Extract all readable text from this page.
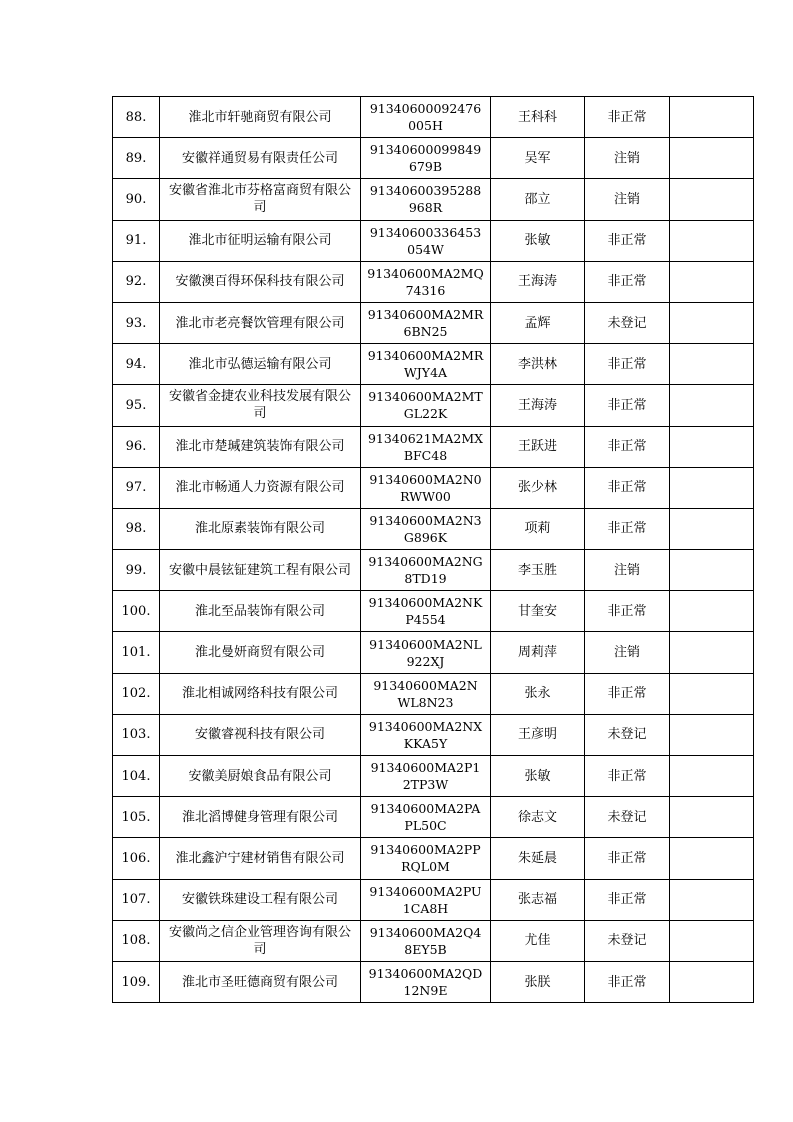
88.	淮北市轩驰商贸有限公司	91340600092476005H	王科科	非正常	
89.	安徽祥通贸易有限责任公司	91340600099849679B	吴军	注销	
90.	安徽省淮北市芬格富商贸有限公司	91340600395288968R	邵立	注销	
91.	淮北市征明运输有限公司	91340600336453054W	张敏	非正常	
92.	安徽澳百得环保科技有限公司	91340600MA2MQ74316	王海涛	非正常	
93.	淮北市老亮餐饮管理有限公司	91340600MA2MR6BN25	孟辉	未登记	
94.	淮北市弘德运输有限公司	91340600MA2MRWJY4A	李洪林	非正常	
95.	安徽省金捷农业科技发展有限公司	91340600MA2MTGL22K	王海涛	非正常	
96.	淮北市楚瑊建筑装饰有限公司	91340621MA2MXBFC48	王跃进	非正常	
97.	淮北市畅通人力资源有限公司	91340600MA2N0RWW00	张少林	非正常	
98.	淮北原素装饰有限公司	91340600MA2N3G896K	项莉	非正常	
99.	安徽中晨铉钲建筑工程有限公司	91340600MA2NG8TD19	李玉胜	注销	
100.	淮北至品装饰有限公司	91340600MA2NKP4554	甘奎安	非正常	
101.	淮北曼妍商贸有限公司	91340600MA2NL922XJ	周莉萍	注销	
102.	淮北相诚网络科技有限公司	91340600MA2NWL8N23	张永	非正常	
103.	安徽睿视科技有限公司	91340600MA2NXKKA5Y	王彦明	未登记	
104.	安徽美厨娘食品有限公司	91340600MA2P12TP3W	张敏	非正常	
105.	淮北滔博健身管理有限公司	91340600MA2PAPL50C	徐志文	未登记	
106.	淮北鑫沪宁建材销售有限公司	91340600MA2PPRQL0M	朱延晨	非正常	
107.	安徽铁珠建设工程有限公司	91340600MA2PU1CA8H	张志福	非正常	
108.	安徽尚之信企业管理咨询有限公司	91340600MA2Q48EY5B	尤佳	未登记	
109.	淮北市圣旺德商贸有限公司	91340600MA2QD12N9E	张朕	非正常	
